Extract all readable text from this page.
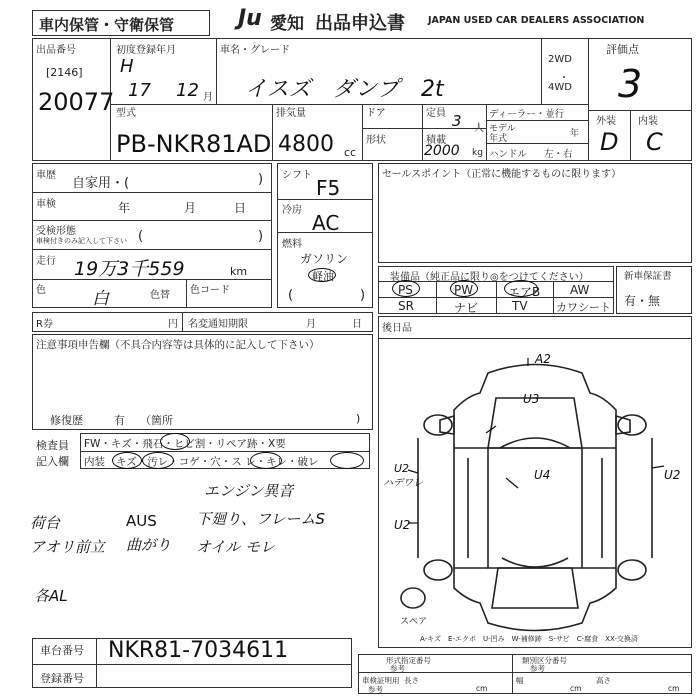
車内保管・守衛保管	Ju 愛知 出品申込書 JAPAN USED CAR DEALERS ASSOCIATION
出品番号
[2146]
20077
初度登録年月
H
17 12 月
車名・グレード
イスズ　ダンプ　2t
2WD
・
4WD
型式
PB-NKR81AD
排気量
4800 cc
ドア
形状
定員 3 人
積載
2000 kg
ディーラー・並行
モデル
年式	年
ハンドル 左・右
評価点
3
外装 内装
D C
車歴
自家用・(	)
車検	年	月	日
受検形態
車検付きのみ記入して下さい (	)
走行 19万3千559	km
色	白	色替 色コード
シフト
F5
冷房
AC
燃料
ガソリン
軽油
(	)
セールスポイント（正常に機能するものに限ります）
装備品（純正品に限り◎をつけてください）
PS	PW	エアB AW
SR	ナビ	TV	カワシート
新車保証書
有・無
R券	円 名変通知期限	月	日
注意事項申告欄（不具合内容等は具体的に記入して下さい）
修復歴	有 （箇所	)
検査員
記入欄
FW・キズ・飛石・ヒビ割・リペア跡・X要
内装 キズ・汚レ・コゲ・穴・ス レ・キレ・破レ
エンジン異音
荷台
アオリ前立
AUS
曲がり
下廻り、フレームS
オイル モレ
各AL
後日品
A2
U3
U2
ハデワレ
U4	U2
U2
スペア
A-キズ　E-エクボ　U-凹み　W-補修跡　S-サビ　C-腐食　XX-交換済
車台番号 NKR81-7034611
登録番号
形式指定番号
参考
類別区分番号
参考
車検証明用
参考
長さ
cm
幅
cm
高さ
cm
